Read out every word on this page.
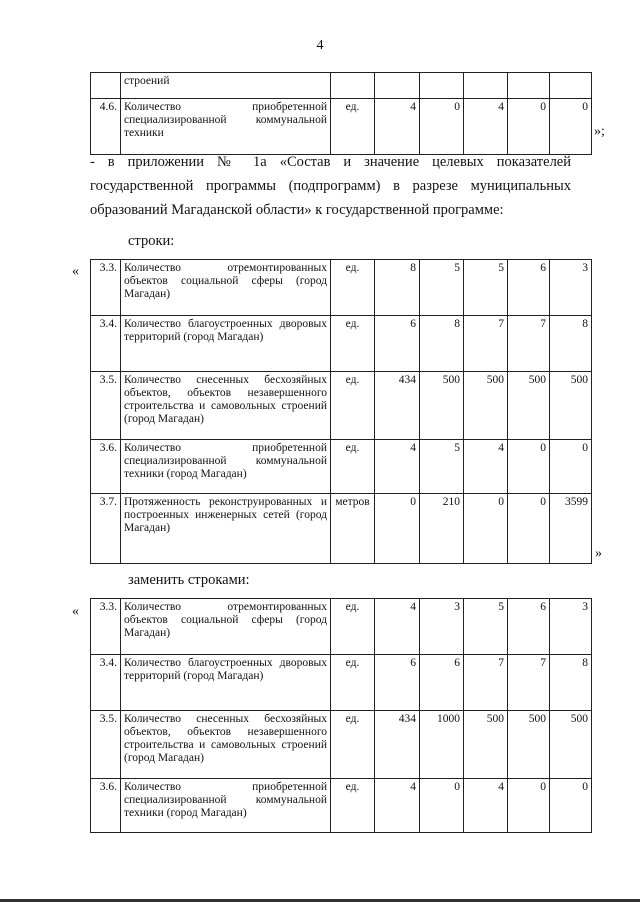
4
	строений						
4.6.	Количество приобретенной специализированной коммунальной техники	ед.	4	0	4	0	0
»;
- в приложении № 1а «Состав и значение целевых показателей государственной программы (подпрограмм) в разрезе муниципальных образований Магаданской области» к государственной программе:
строки:
« 3.3.	Количество отремонтированных объектов социальной сферы (город Магадан)	ед.	8	5	5	6	3
3.4.	Количество благоустроенных дворовых территорий (город Магадан)	ед.	6	8	7	7	8
3.5.	Количество снесенных бесхозяйных объектов, объектов незавершенного строительства и самовольных строений (город Магадан)	ед.	434	500	500	500	500
3.6.	Количество приобретенной специализированной коммунальной техники (город Магадан)	ед.	4	5	4	0	0
3.7.	Протяженность реконструированных и построенных инженерных сетей (город Магадан)	метров	0	210	0	0	3599
»
заменить строками:
« 3.3.	Количество отремонтированных объектов социальной сферы (город Магадан)	ед.	4	3	5	6	3
3.4.	Количество благоустроенных дворовых территорий (город Магадан)	ед.	6	6	7	7	8
3.5.	Количество снесенных бесхозяйных объектов, объектов незавершенного строительства и самовольных строений (город Магадан)	ед.	434	1000	500	500	500
3.6.	Количество приобретенной специализированной коммунальной техники (город Магадан)	ед.	4	0	4	0	0
